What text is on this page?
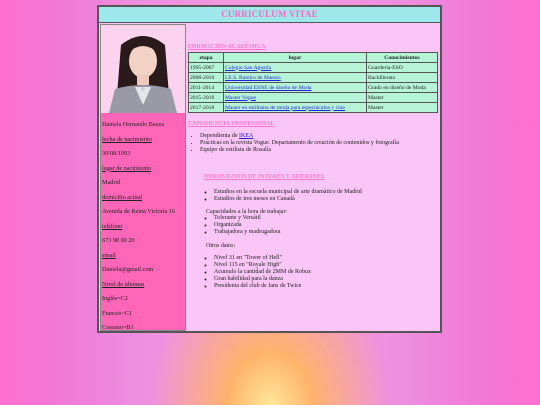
CURRICULUM VITAE
Daniela Hernando Baeza
fecha de nacimiento
30/08/1993
lugar de nacimiento
Madrid
domicilio actual
Avenida de Reina Victoria 16
teléfono
673 98 00 20
email
Daniela@gmail.com
Nivel de idiomas
Inglés=C2
Francés=C1
Coreano=B1
FORMACIÓN ACADÉMICA
etapa	lugar	Conocimientos
1995-2007	Colegio San Agustín	Guardería-ESO
2008-2010	I.E.S. Ramiro de Maeztu	Bachillerato
2011-2014	Universidad ESNE de diseño de Moda	Grado en diseño de Moda
2015-2016	Master Vogue	Master
2017-2018	Master en estilismo de moda para espectáculos y cine	Master
EXPERIENCIA PROFESIONAL
• Dependienta de IKEA
• Prácticas en la revista Vogue. Departamento de creación de contenidos y fotografía
• Equipo de estilista de Rosalía
OTROS DATOS DE INTERÉS Y AFICIONES
◦ Estudios en la escuela municipal de arte dramático de Madrid
◦ Estudios de tres meses en Canadá
Capacidades a la hora de trabajar:
◦ Tolerante y Versátil
◦ Organizada
◦ Trabajadora y madrugadora
Otros datos:
◦ Nivel 31 en "Tower of Hell"
◦ Nivel 115 en "Royale High"
◦ Acumulo la cantidad de 2MM de Robux
◦ Gran habilidad para la danza
◦ Presidenta del club de fans de Twice
